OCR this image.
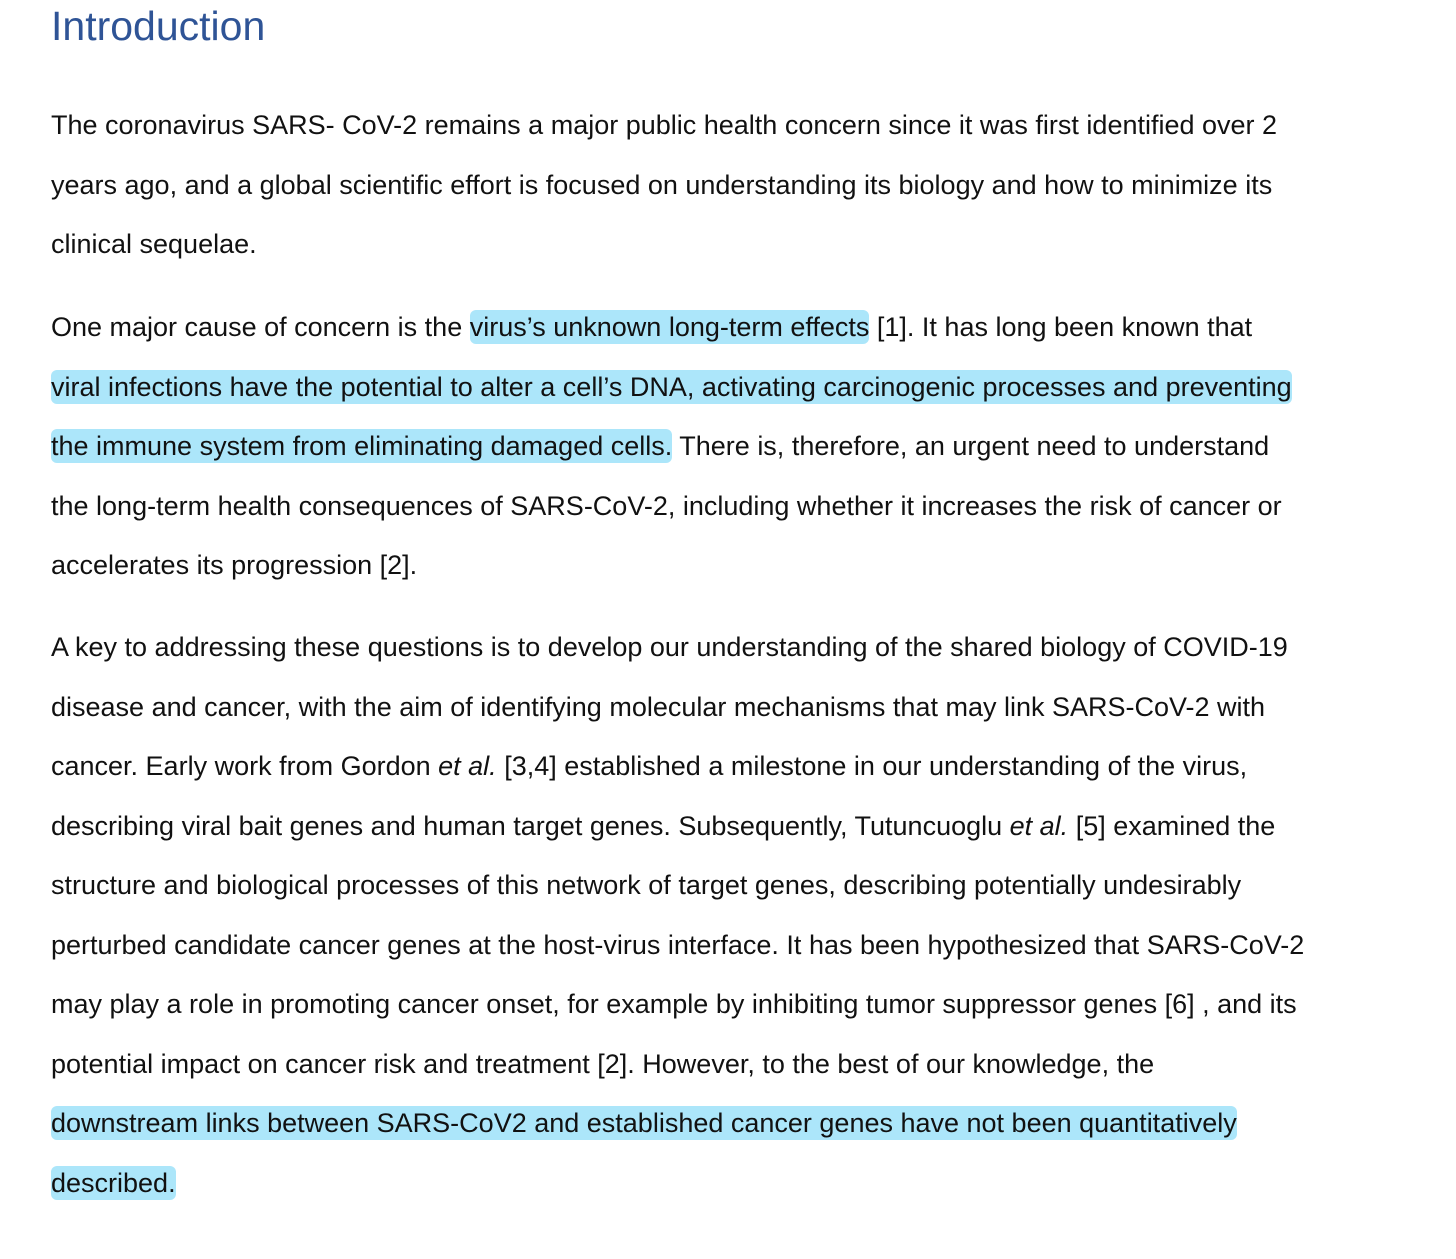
Introduction
The coronavirus SARS- CoV-2 remains a major public health concern since it was first identified over 2
years ago, and a global scientific effort is focused on understanding its biology and how to minimize its
clinical sequelae.
One major cause of concern is the virus’s unknown long-term effects [1]. It has long been known that
viral infections have the potential to alter a cell’s DNA, activating carcinogenic processes and preventing
the immune system from eliminating damaged cells. There is, therefore, an urgent need to understand
the long-term health consequences of SARS-CoV-2, including whether it increases the risk of cancer or
accelerates its progression [2].
A key to addressing these questions is to develop our understanding of the shared biology of COVID-19
disease and cancer, with the aim of identifying molecular mechanisms that may link SARS-CoV-2 with
cancer. Early work from Gordon et al. [3,4] established a milestone in our understanding of the virus,
describing viral bait genes and human target genes. Subsequently, Tutuncuoglu et al. [5] examined the
structure and biological processes of this network of target genes, describing potentially undesirably
perturbed candidate cancer genes at the host-virus interface. It has been hypothesized that SARS-CoV-2
may play a role in promoting cancer onset, for example by inhibiting tumor suppressor genes [6] , and its
potential impact on cancer risk and treatment [2]. However, to the best of our knowledge, the
downstream links between SARS-CoV2 and established cancer genes have not been quantitatively
described.
